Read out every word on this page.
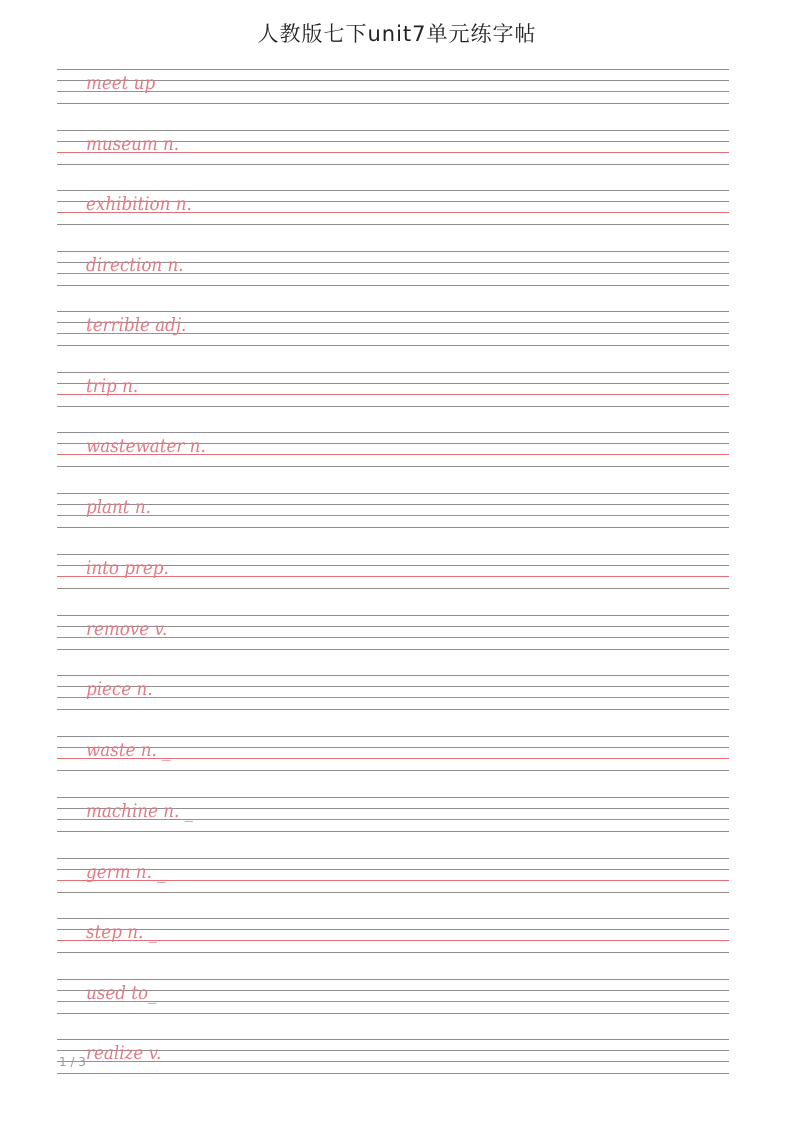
人教版七下unit7单元练字帖
meet up
museum n.
exhibition n.
direction n.
terrible adj.
trip n.
wastewater n.
plant n.
into prep.
remove v.
piece n.
waste n. _
machine n. _
germ n. _
step n. _
used to_
realize v.
1 / 3
